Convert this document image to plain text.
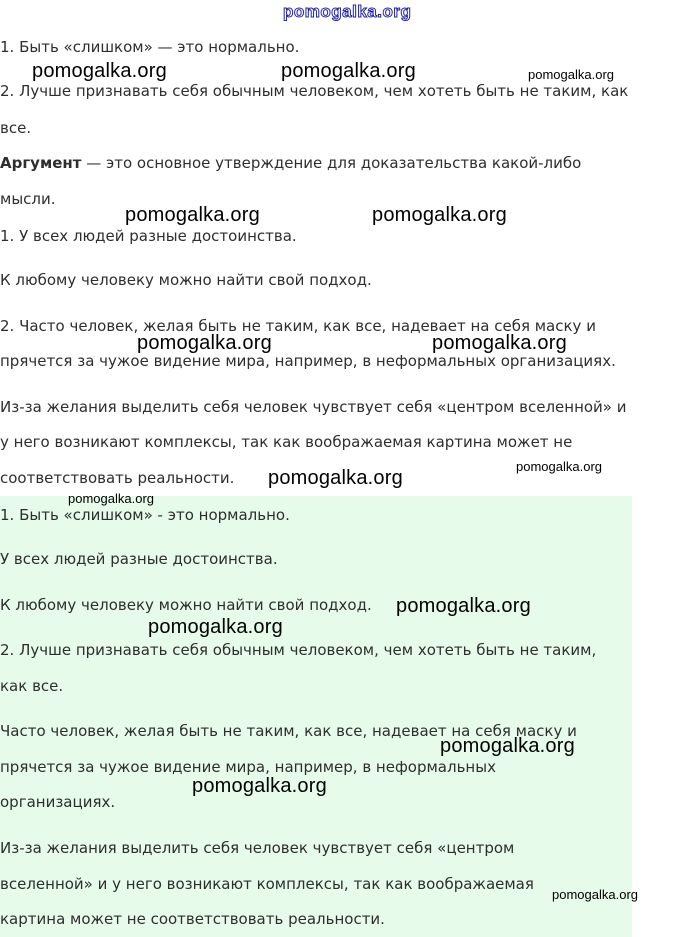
pomogalka.org
1. Быть «слишком» — это нормально.
2. Лучше признавать себя обычным человеком, чем хотеть быть не таким, как
все.
Аргумент — это основное утверждение для доказательства какой-либо
мысли.
1. У всех людей разные достоинства.
К любому человеку можно найти свой подход.
2. Часто человек, желая быть не таким, как все, надевает на себя маску и
прячется за чужое видение мира, например, в неформальных организациях.
Из-за желания выделить себя человек чувствует себя «центром вселенной» и
у него возникают комплексы, так как воображаемая картина может не
соответствовать реальности.
1. Быть «слишком» - это нормально.
У всех людей разные достоинства.
К любому человеку можно найти свой подход.
2. Лучше признавать себя обычным человеком, чем хотеть быть не таким,
как все.
Часто человек, желая быть не таким, как все, надевает на себя маску и
прячется за чужое видение мира, например, в неформальных
организациях.
Из-за желания выделить себя человек чувствует себя «центром
вселенной» и у него возникают комплексы, так как воображаемая
картина может не соответствовать реальности.
pomogalka.org	pomogalka.org	pomogalka.org
pomogalka.org	pomogalka.org
pomogalka.org	pomogalka.org
pomogalka.org
pomogalka.org
pomogalka.org
pomogalka.org
pomogalka.org
pomogalka.org
pomogalka.org
pomogalka.org
